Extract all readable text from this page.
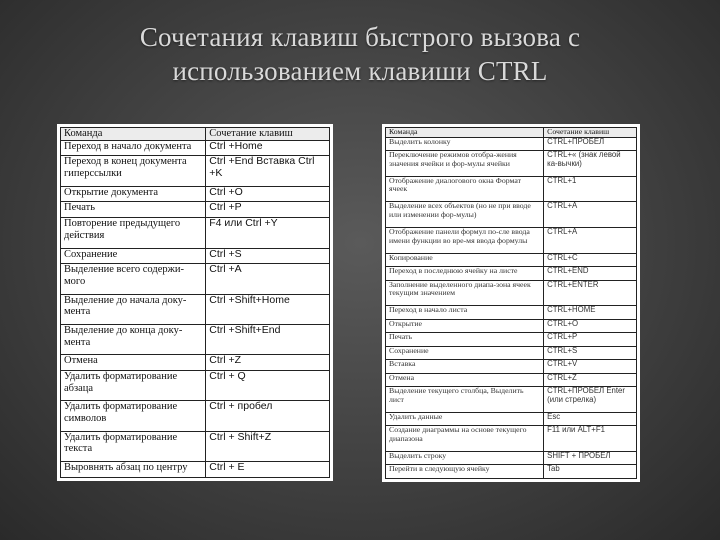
Сочетания клавиш быстрого вызова с использованием клавиши CTRL
Команда	Сочетание клавиш
Переход в начало документа	Ctrl +Home
Переход в конец документа гиперссылки	Ctrl +End Вставка Ctrl +K
Открытие документа	Ctrl +O
Печать	Ctrl +P
Повторение предыдущего действия	F4 или Ctrl +Y
Сохранение	Ctrl +S
Выделение всего содержи-мого	Ctrl +A
Выделение до начала доку-мента	Ctrl +Shift+Home
Выделение до конца доку-мента	Ctrl +Shift+End
Отмена	Ctrl +Z
Удалить форматирование абзаца	Ctrl + Q
Удалить форматирование символов	Ctrl + пробел
Удалить форматирование текста	Ctrl + Shift+Z
Выровнять абзац по центру	Ctrl + E
Команда	Сочетание клавиш
Выделить колонку	CTRL+ПРОБЕЛ
Переключение режимов отобра-жения значения ячейки и фор-мулы ячейки	CTRL+« (знак левой ка-вычки)
Отображение диалогового окна Формат ячеек	CTRL+1
Выделение всех объектов (но не при вводе или изменении фор-мулы)	CTRL+A
Отображение панели формул по-сле ввода имени функции во вре-мя ввода формулы	CTRL+A
Копирование	CTRL+C
Переход в последнюю ячейку на листе	CTRL+END
Заполнение выделенного диапа-зона ячеек текущим значением	CTRL+ENTER
Переход в начало листа	CTRL+HOME
Открытие	CTRL+O
Печать	CTRL+P
Сохранение	CTRL+S
Вставка	CTRL+V
Отмена	CTRL+Z
Выделение текущего столбца, Выделить лист	CTRL+ПРОБЕЛ Enter (или стрелка)
Удалить данные	Esc
Создание диаграммы на основе текущего диапазона	F11 или ALT+F1
Выделить строку	SHIFT + ПРОБЕЛ
Перейти в следующую ячейку	Tab
